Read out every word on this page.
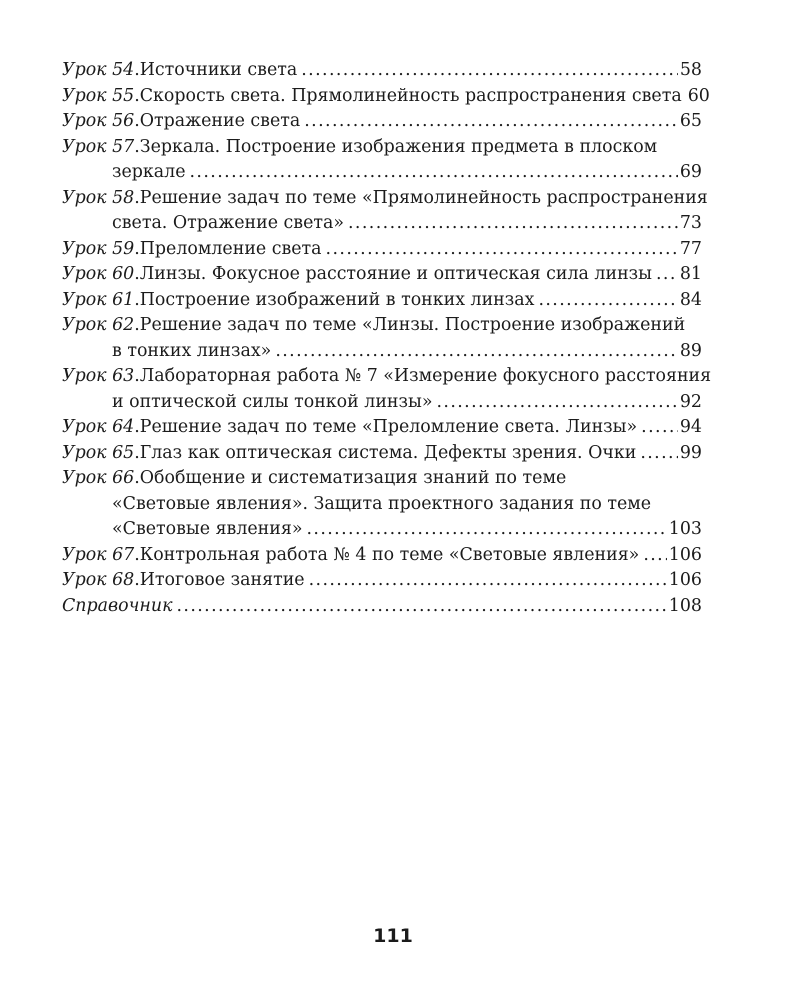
Урок 54 . Источники света .....	58
Урок 55 . Скорость света. Прямолинейность распространения света 60
Урок 56 . Отражение света .....	65
Урок 57 . Зеркала. Построение изображения предмета в плоском
зеркале .....	69
Урок 58 . Решение задач по теме «Прямолинейность распространения
света. Отражение света» .....	73
Урок 59 . Преломление света .....	77
Урок 60 . Линзы. Фокусное расстояние и оптическая сила линзы ..... 81
Урок 61 . Построение изображений в тонких линзах .....	84
Урок 62 . Решение задач по теме «Линзы. Построение изображений
в тонких линзах» .....	89
Урок 63 . Лабораторная работа № 7 «Измерение фокусного расстояния
и оптической силы тонкой линзы» .....	92
Урок 64 . Решение задач по теме «Преломление света. Линзы» ..... 94
Урок 65 . Глаз как оптическая система. Дефекты зрения. Очки .....	99
Урок 66 . Обобщение и систематизация знаний по теме
«Световые явления». Защита проектного задания по теме
«Световые явления» .....	103
Урок 67 . Контрольная работа № 4 по теме «Световые явления» ..... 106
Урок 68 . Итоговое занятие .....	106
Справочник .....	108
111
